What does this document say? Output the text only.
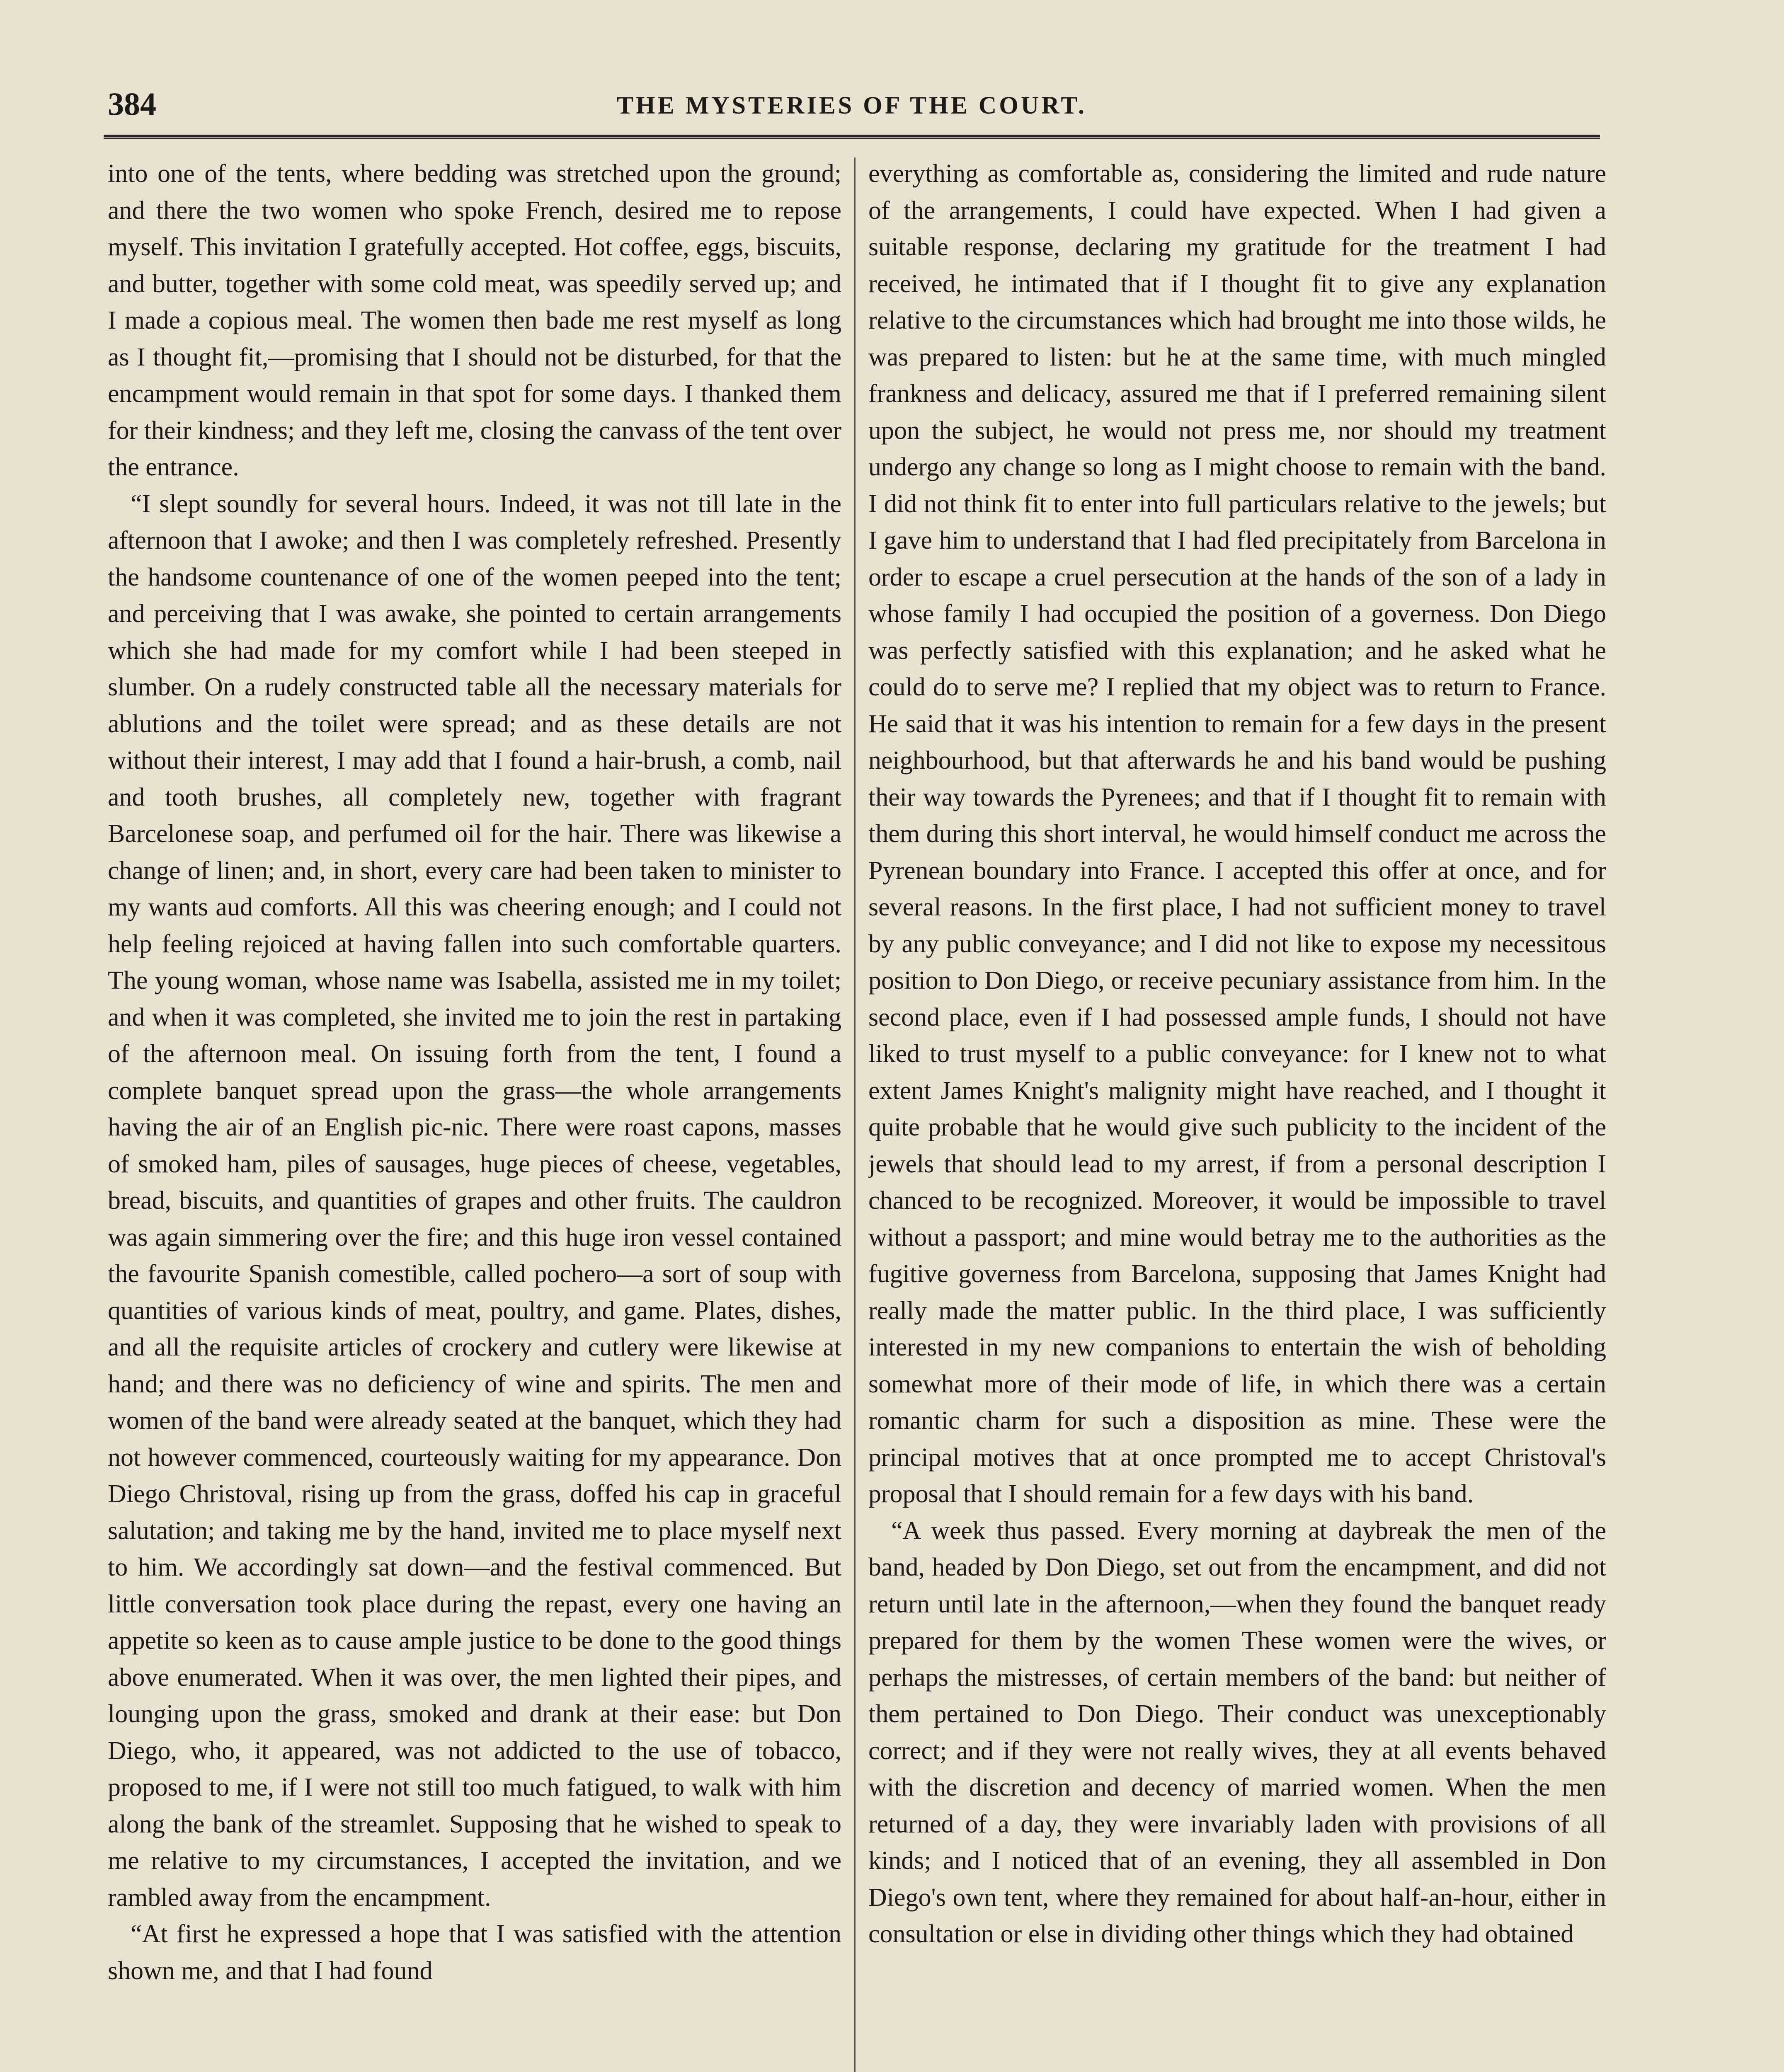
384	THE MYSTERIES OF THE COURT.

into one of the tents, where bedding was stretched upon the ground; and there the two women who spoke French, desired me to repose myself. This invitation I gratefully accepted. Hot coffee, eggs, biscuits, and butter, together with some cold meat, was speedily served up; and I made a copious meal. The women then bade me rest myself as long as I thought fit,—promising that I should not be disturbed, for that the encampment would remain in that spot for some days. I thanked them for their kindness; and they left me, closing the canvass of the tent over the entrance.

“I slept soundly for several hours. Indeed, it was not till late in the afternoon that I awoke; and then I was completely refreshed. Presently the handsome countenance of one of the women peeped into the tent; and perceiving that I was awake, she pointed to certain arrangements which she had made for my comfort while I had been steeped in slumber. On a rudely constructed table all the necessary materials for ablutions and the toilet were spread; and as these details are not without their interest, I may add that I found a hair-brush, a comb, nail and tooth brushes, all completely new, together with fragrant Barcelonese soap, and perfumed oil for the hair. There was likewise a change of linen; and, in short, every care had been taken to minister to my wants aud comforts. All this was cheering enough; and I could not help feeling rejoiced at having fallen into such comfortable quarters. The young woman, whose name was Isabella, assisted me in my toilet; and when it was completed, she invited me to join the rest in partaking of the afternoon meal. On issuing forth from the tent, I found a complete banquet spread upon the grass—the whole arrangements having the air of an English pic-nic. There were roast capons, masses of smoked ham, piles of sausages, huge pieces of cheese, vegetables, bread, biscuits, and quantities of grapes and other fruits. The cauldron was again simmering over the fire; and this huge iron vessel contained the favourite Spanish comestible, called pochero—a sort of soup with quantities of various kinds of meat, poultry, and game. Plates, dishes, and all the requisite articles of crockery and cutlery were likewise at hand; and there was no deficiency of wine and spirits. The men and women of the band were already seated at the banquet, which they had not however commenced, courteously waiting for my appearance. Don Diego Christoval, rising up from the grass, doffed his cap in graceful salutation; and taking me by the hand, invited me to place myself next to him. We accordingly sat down—and the festival commenced. But little conversation took place during the repast, every one having an appetite so keen as to cause ample justice to be done to the good things above enumerated. When it was over, the men lighted their pipes, and lounging upon the grass, smoked and drank at their ease: but Don Diego, who, it appeared, was not addicted to the use of tobacco, proposed to me, if I were not still too much fatigued, to walk with him along the bank of the streamlet. Supposing that he wished to speak to me relative to my circumstances, I accepted the invitation, and we rambled away from the encampment.

“At first he expressed a hope that I was satisfied with the attention shown me, and that I had found

everything as comfortable as, considering the limited and rude nature of the arrangements, I could have expected. When I had given a suitable response, declaring my gratitude for the treatment I had received, he intimated that if I thought fit to give any explanation relative to the circumstances which had brought me into those wilds, he was prepared to listen: but he at the same time, with much mingled frankness and delicacy, assured me that if I preferred remaining silent upon the subject, he would not press me, nor should my treatment undergo any change so long as I might choose to remain with the band. I did not think fit to enter into full particulars relative to the jewels; but I gave him to understand that I had fled precipitately from Barcelona in order to escape a cruel persecution at the hands of the son of a lady in whose family I had occupied the position of a governess. Don Diego was perfectly satisfied with this explanation; and he asked what he could do to serve me? I replied that my object was to return to France. He said that it was his intention to remain for a few days in the present neighbourhood, but that afterwards he and his band would be pushing their way towards the Pyrenees; and that if I thought fit to remain with them during this short interval, he would himself conduct me across the Pyrenean boundary into France. I accepted this offer at once, and for several reasons. In the first place, I had not sufficient money to travel by any public conveyance; and I did not like to expose my necessitous position to Don Diego, or receive pecuniary assistance from him. In the second place, even if I had possessed ample funds, I should not have liked to trust myself to a public conveyance: for I knew not to what extent James Knight's malignity might have reached, and I thought it quite probable that he would give such publicity to the incident of the jewels that should lead to my arrest, if from a personal description I chanced to be recognized. Moreover, it would be impossible to travel without a passport; and mine would betray me to the authorities as the fugitive governess from Barcelona, supposing that James Knight had really made the matter public. In the third place, I was sufficiently interested in my new companions to entertain the wish of beholding somewhat more of their mode of life, in which there was a certain romantic charm for such a disposition as mine. These were the principal motives that at once prompted me to accept Christoval's proposal that I should remain for a few days with his band.

“A week thus passed. Every morning at daybreak the men of the band, headed by Don Diego, set out from the encampment, and did not return until late in the afternoon,—when they found the banquet ready prepared for them by the women These women were the wives, or perhaps the mistresses, of certain members of the band: but neither of them pertained to Don Diego. Their conduct was unexceptionably correct; and if they were not really wives, they at all events behaved with the discretion and decency of married women. When the men returned of a day, they were invariably laden with provisions of all kinds; and I noticed that of an evening, they all assembled in Don Diego's own tent, where they remained for about half-an-hour, either in consultation or else in dividing other things which they had obtained
